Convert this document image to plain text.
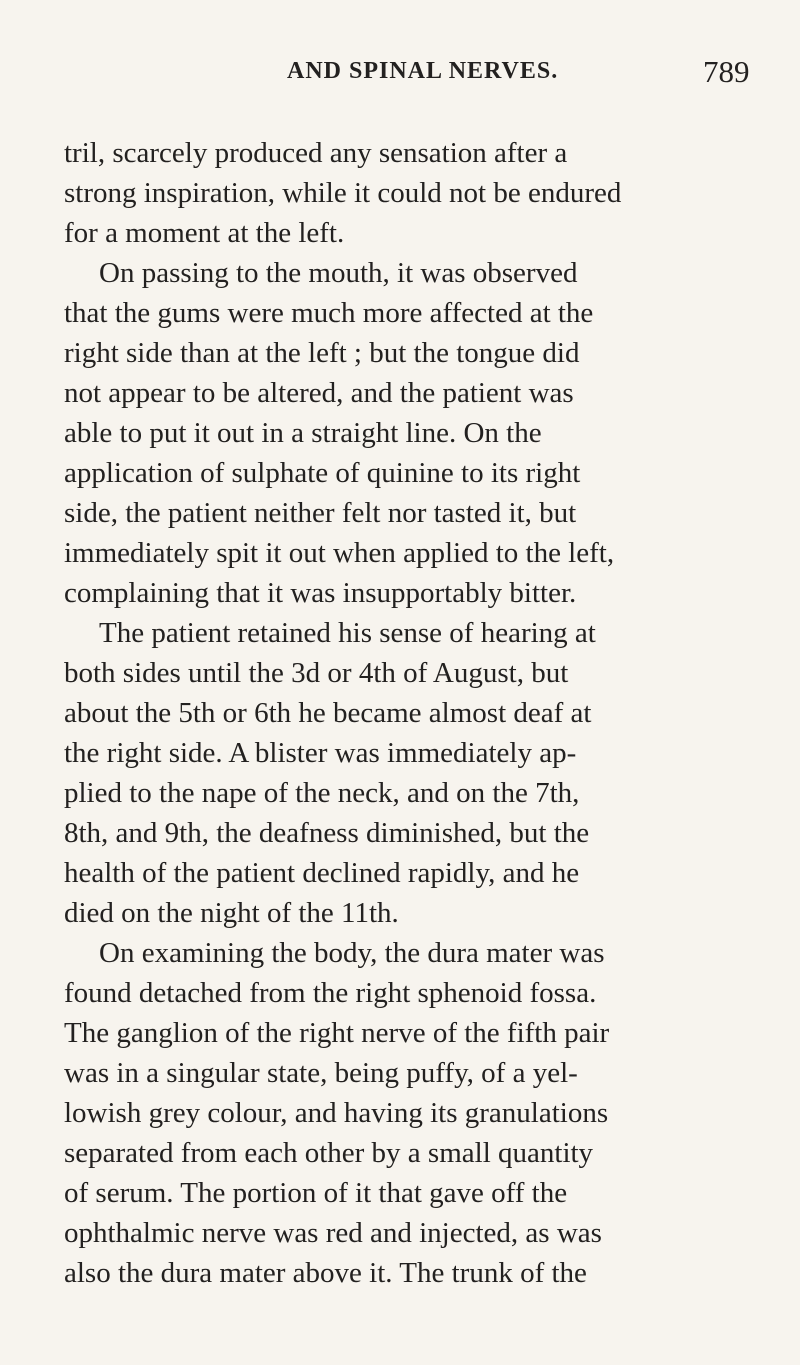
AND SPINAL NERVES.	789
tril, scarcely produced any sensation after a
strong inspiration, while it could not be endured
for a moment at the left.
On passing to the mouth, it was observed
that the gums were much more affected at the
right side than at the left ; but the tongue did
not appear to be altered, and the patient was
able to put it out in a straight line. On the
application of sulphate of quinine to its right
side, the patient neither felt nor tasted it, but
immediately spit it out when applied to the left,
complaining that it was insupportably bitter.
The patient retained his sense of hearing at
both sides until the 3d or 4th of August, but
about the 5th or 6th he became almost deaf at
the right side. A blister was immediately ap-
plied to the nape of the neck, and on the 7th,
8th, and 9th, the deafness diminished, but the
health of the patient declined rapidly, and he
died on the night of the 11th.
On examining the body, the dura mater was
found detached from the right sphenoid fossa.
The ganglion of the right nerve of the fifth pair
was in a singular state, being puffy, of a yel-
lowish grey colour, and having its granulations
separated from each other by a small quantity
of serum. The portion of it that gave off the
ophthalmic nerve was red and injected, as was
also the dura mater above it. The trunk of the
